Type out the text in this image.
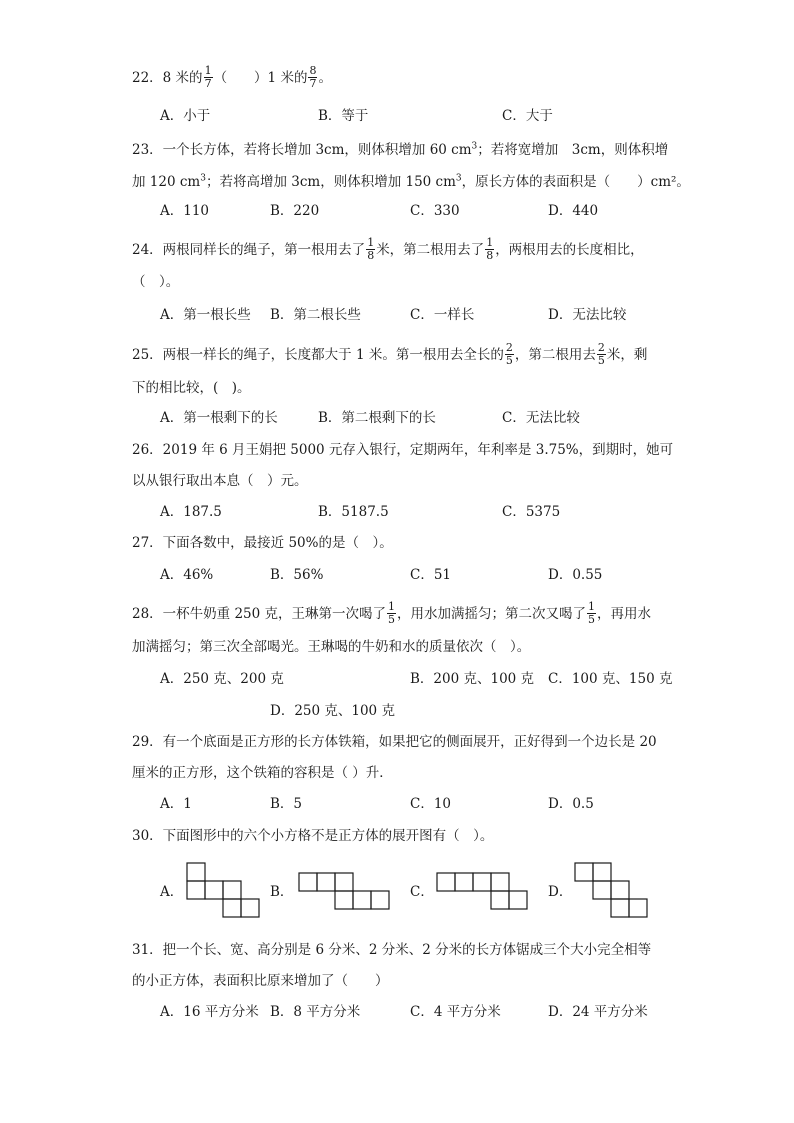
22．8 米的 $\frac{1}{7}$ （　　）1 米的 $\frac{8}{7}$ 。
A．小于	B．等于	C．大于
23．一个长方体，若将长增加 3cm，则体积增加 60 $cm^3$；若将宽增加　3cm，则体积增
加 120 $cm^3$；若将高增加 3cm，则体积增加 150 $cm^3$，原长方体的表面积是（　　）cm²。
A．110	B．220	C．330	D．440
24．两根同样长的绳子，第一根用去了 $\frac{1}{8}$ 米，第二根用去了 $\frac{1}{8}$ ，两根用去的长度相比，
（　）。
A．第一根长些 B．第二根长些	C．一样长	D．无法比较
25．两根一样长的绳子，长度都大于 1 米。第一根用去全长的 $\frac{2}{5}$ ，第二根用去 $\frac{2}{5}$ 米，剩
下的相比较，(　)。
A．第一根剩下的长	B．第二根剩下的长	C．无法比较
26．2019 年 6 月王娟把 5000 元存入银行，定期两年，年利率是 3.75%，到期时，她可
以从银行取出本息（　）元。
A．187.5	B．5187.5	C．5375
27．下面各数中，最接近 50%的是（　）。
A．46%	B．56%	C．51	D．0.55
28．一杯牛奶重 250 克，王琳第一次喝了 $\frac{1}{5}$ ，用水加满摇匀；第二次又喝了 $\frac{1}{5}$ ，再用水
加满摇匀；第三次全部喝光。王琳喝的牛奶和水的质量依次（　）。
A．250 克、200 克	B．200 克、100 克 C．100 克、150 克
D．250 克、100 克
29．有一个底面是正方形的长方体铁箱，如果把它的侧面展开，正好得到一个边长是 20
厘米的正方形，这个铁箱的容积是（ ）升．
A．1	B．5	C．10	D．0.5
30．下面图形中的六个小方格不是正方体的展开图有（　）。
A．	B．	C．	D．
31．把一个长、宽、高分别是 6 分米、2 分米、2 分米的长方体锯成三个大小完全相等
的小正方体，表面积比原来增加了（　　）
A．16 平方分米 B．8 平方分米	C．4 平方分米	D．24 平方分米
